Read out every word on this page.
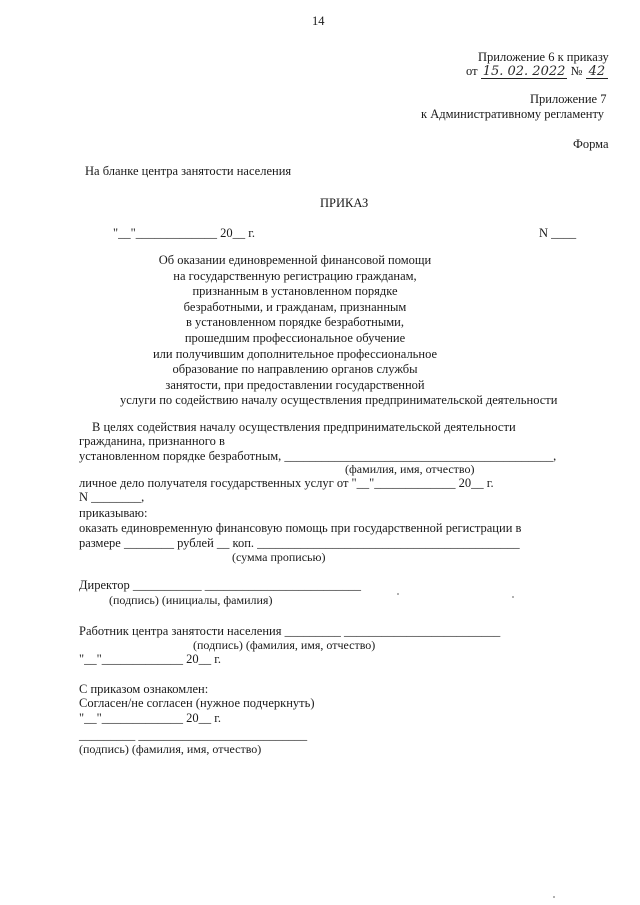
14
Приложение 6 к приказу
от 15. 02. 2022 № 42
Приложение 7
к Административному регламенту
Форма
На бланке центра занятости населения
ПРИКАЗ
"__"_____________ 20__ г.	N ____
Об оказании единовременной финансовой помощи
на государственную регистрацию гражданам,
признанным в установленном порядке
безработными, и гражданам, признанным
в установленном порядке безработными,
прошедшим профессиональное обучение
или получившим дополнительное профессиональное
образование по направлению органов службы
занятости, при предоставлении государственной
услуги по содействию началу осуществления предпринимательской деятельности
В целях содействия началу осуществления предпринимательской деятельности
гражданина, признанного в
установленном порядке безработным, ___________________________________________,
(фамилия, имя, отчество)
личное дело получателя государственных услуг от "__"_____________ 20__ г.
N ________,
приказываю:
оказать единовременную финансовую помощь при государственной регистрации в
размере ________ рублей __ коп. __________________________________________
(сумма прописью)
Директор ___________ _________________________
(подпись) (инициалы, фамилия)
Работник центра занятости населения _________ _________________________
(подпись) (фамилия, имя, отчество)
"__"_____________ 20__ г.
С приказом ознакомлен:
Согласен/не согласен (нужное подчеркнуть)
"__"_____________ 20__ г.
_________ ___________________________
(подпись) (фамилия, имя, отчество)
